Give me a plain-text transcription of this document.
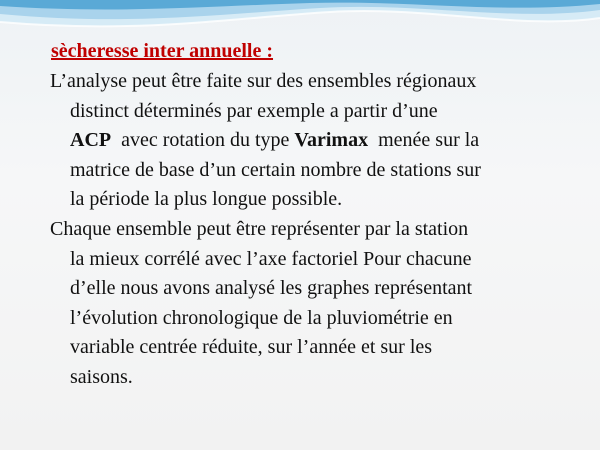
sècheresse inter annuelle :
L’analyse peut être faite sur des ensembles régionaux
distinct déterminés par exemple a partir d’une
ACP  avec rotation du type Varimax  menée sur la
matrice de base d’un certain nombre de stations sur
la période la plus longue possible.
Chaque ensemble peut être représenter par la station
la mieux corrélé avec l’axe factoriel Pour chacune
d’elle nous avons analysé les graphes représentant
l’évolution chronologique de la pluviométrie en
variable centrée réduite, sur l’année et sur les
saisons.
